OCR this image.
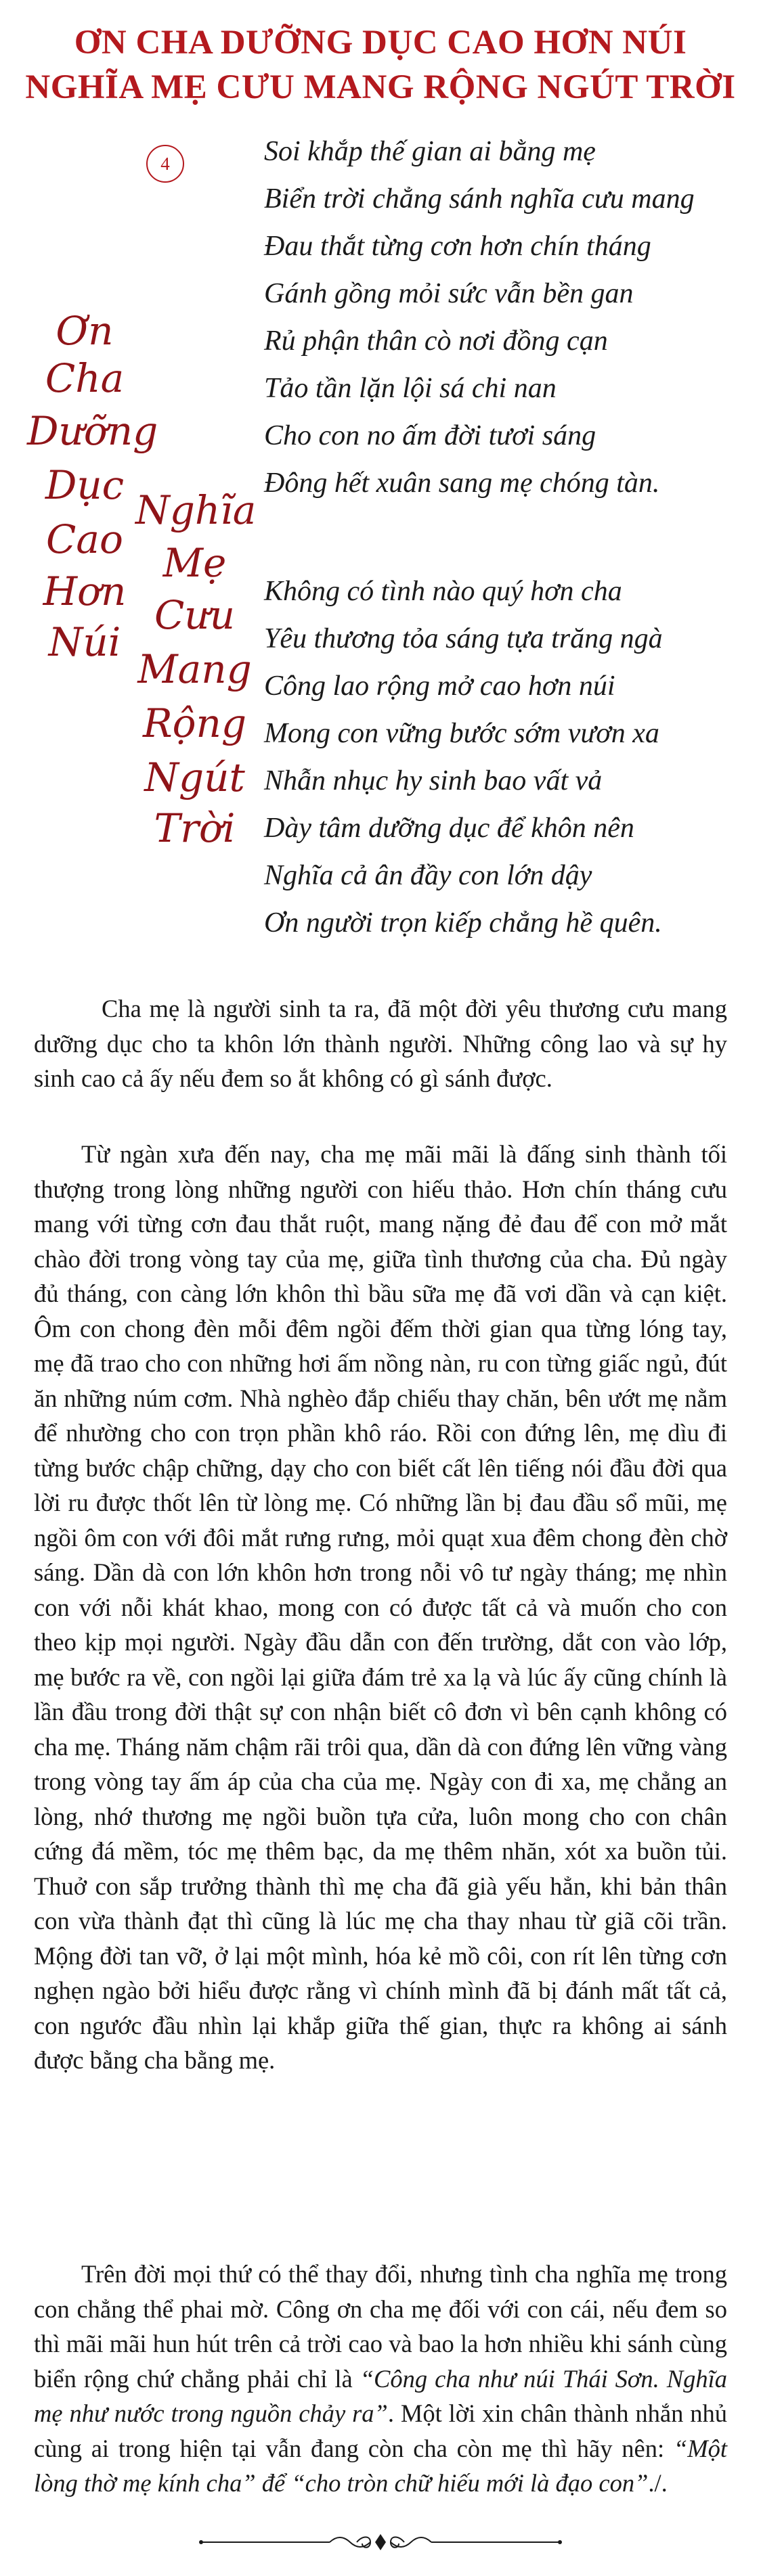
ƠN CHA DƯỠNG DỤC CAO HƠN NÚI
NGHĨA MẸ CƯU MANG RỘNG NGÚT TRỜI
4
Ơn
Cha
Dưỡng
Dục
Cao
Hơn
Núi
Nghĩa
Mẹ
Cưu
Mang
Rộng
Ngút
Trời
Soi khắp thế gian ai bằng mẹ
Biển trời chẳng sánh nghĩa cưu mang
Đau thắt từng cơn hơn chín tháng
Gánh gồng mỏi sức vẫn bền gan
Rủ phận thân cò nơi đồng cạn
Tảo tần lặn lội sá chi nan
Cho con no ấm đời tươi sáng
Đông hết xuân sang mẹ chóng tàn.
Không có tình nào quý hơn cha
Yêu thương tỏa sáng tựa trăng ngà
Công lao rộng mở cao hơn núi
Mong con vững bước sớm vươn xa
Nhẫn nhục hy sinh bao vất vả
Dày tâm dưỡng dục để khôn nên
Nghĩa cả ân đầy con lớn dậy
Ơn người trọn kiếp chẳng hề quên.

Cha mẹ là người sinh ta ra, đã một đời yêu thương cưu mang dưỡng dục cho ta khôn lớn thành người. Những công lao và sự hy sinh cao cả ấy nếu đem so ắt không có gì sánh được.

Từ ngàn xưa đến nay, cha mẹ mãi mãi là đấng sinh thành tối thượng trong lòng những người con hiếu thảo. Hơn chín tháng cưu mang với từng cơn đau thắt ruột, mang nặng đẻ đau để con mở mắt chào đời trong vòng tay của mẹ, giữa tình thương của cha. Đủ ngày đủ tháng, con càng lớn khôn thì bầu sữa mẹ đã vơi dần và cạn kiệt. Ôm con chong đèn mỗi đêm ngồi đếm thời gian qua từng lóng tay, mẹ đã trao cho con những hơi ấm nồng nàn, ru con từng giấc ngủ, đút ăn những núm cơm. Nhà nghèo đắp chiếu thay chăn, bên ướt mẹ nằm để nhường cho con trọn phần khô ráo. Rồi con đứng lên, mẹ dìu đi từng bước chập chững, dạy cho con biết cất lên tiếng nói đầu đời qua lời ru được thốt lên từ lòng mẹ. Có những lần bị đau đầu sổ mũi, mẹ ngồi ôm con với đôi mắt rưng rưng, mỏi quạt xua đêm chong đèn chờ sáng. Dần dà con lớn khôn hơn trong nỗi vô tư ngày tháng; mẹ nhìn con với nỗi khát khao, mong con có được tất cả và muốn cho con theo kịp mọi người. Ngày đầu dẫn con đến trường, dắt con vào lớp, mẹ bước ra về, con ngồi lại giữa đám trẻ xa lạ và lúc ấy cũng chính là lần đầu trong đời thật sự con nhận biết cô đơn vì bên cạnh không có cha mẹ. Tháng năm chậm rãi trôi qua, dần dà con đứng lên vững vàng trong vòng tay ấm áp của cha của mẹ. Ngày con đi xa, mẹ chẳng an lòng, nhớ thương mẹ ngồi buồn tựa cửa, luôn mong cho con chân cứng đá mềm, tóc mẹ thêm bạc, da mẹ thêm nhăn, xót xa buồn tủi. Thuở con sắp trưởng thành thì mẹ cha đã già yếu hẳn, khi bản thân con vừa thành đạt thì cũng là lúc mẹ cha thay nhau từ giã cõi trần. Mộng đời tan vỡ, ở lại một mình, hóa kẻ mồ côi, con rít lên từng cơn nghẹn ngào bởi hiểu được rằng vì chính mình đã bị đánh mất tất cả, con ngước đầu nhìn lại khắp giữa thế gian, thực ra không ai sánh được bằng cha bằng mẹ.

Trên đời mọi thứ có thể thay đổi, nhưng tình cha nghĩa mẹ trong con chẳng thể phai mờ. Công ơn cha mẹ đối với con cái, nếu đem so thì mãi mãi hun hút trên cả trời cao và bao la hơn nhiều khi sánh cùng biển rộng chứ chẳng phải chỉ là “Công cha như núi Thái Sơn. Nghĩa mẹ như nước trong nguồn chảy ra”. Một lời xin chân thành nhắn nhủ cùng ai trong hiện tại vẫn đang còn cha còn mẹ thì hãy nên: “Một lòng thờ mẹ kính cha” để “cho tròn chữ hiếu mới là đạo con”./.
